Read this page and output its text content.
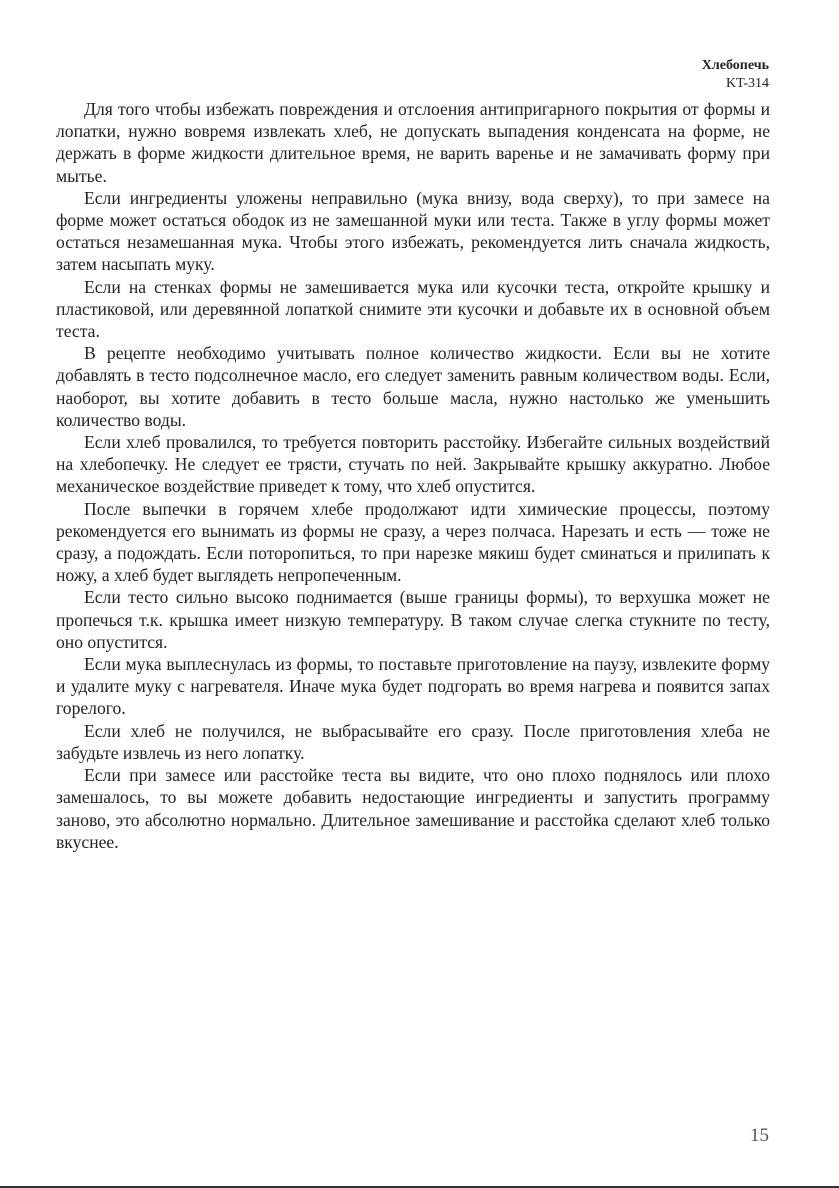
Хлебопечь
KT-314

Для того чтобы избежать повреждения и отслоения антипригарного покрытия от формы и лопатки, нужно вовремя извлекать хлеб, не допускать выпадения конденсата на форме, не держать в форме жидкости длительное время, не варить варенье и не замачивать форму при мытье.

Если ингредиенты уложены неправильно (мука внизу, вода сверху), то при замесе на форме может остаться ободок из не замешанной муки или теста. Также в углу формы может остаться незамешанная мука. Чтобы этого избежать, рекомендуется лить сначала жидкость, затем насыпать муку.

Если на стенках формы не замешивается мука или кусочки теста, откройте крышку и пластиковой, или деревянной лопаткой снимите эти кусочки и добавьте их в основной объем теста.

В рецепте необходимо учитывать полное количество жидкости. Если вы не хотите добавлять в тесто подсолнечное масло, его следует заменить равным количеством воды. Если, наоборот, вы хотите добавить в тесто больше масла, нужно настолько же уменьшить количество воды.

Если хлеб провалился, то требуется повторить расстойку. Избегайте сильных воздействий на хлебопечку. Не следует ее трясти, стучать по ней. Закрывайте крышку аккуратно. Любое механическое воздействие приведет к тому, что хлеб опустится.

После выпечки в горячем хлебе продолжают идти химические процессы, поэтому рекомендуется его вынимать из формы не сразу, а через полчаса. Нарезать и есть — тоже не сразу, а подождать. Если поторопиться, то при нарезке мякиш будет сминаться и прилипать к ножу, а хлеб будет выглядеть непропеченным.

Если тесто сильно высоко поднимается (выше границы формы), то верхушка может не пропечься т.к. крышка имеет низкую температуру. В таком случае слегка стукните по тесту, оно опустится.

Если мука выплеснулась из формы, то поставьте приготовление на паузу, извлеките форму и удалите муку с нагревателя. Иначе мука будет подгорать во время нагрева и появится запах горелого.

Если хлеб не получился, не выбрасывайте его сразу. После приготовления хлеба не забудьте извлечь из него лопатку.

Если при замесе или расстойке теста вы видите, что оно плохо поднялось или плохо замешалось, то вы можете добавить недостающие ингредиенты и запустить программу заново, это абсолютно нормально. Длительное замешивание и расстойка сделают хлеб только вкуснее.

15
